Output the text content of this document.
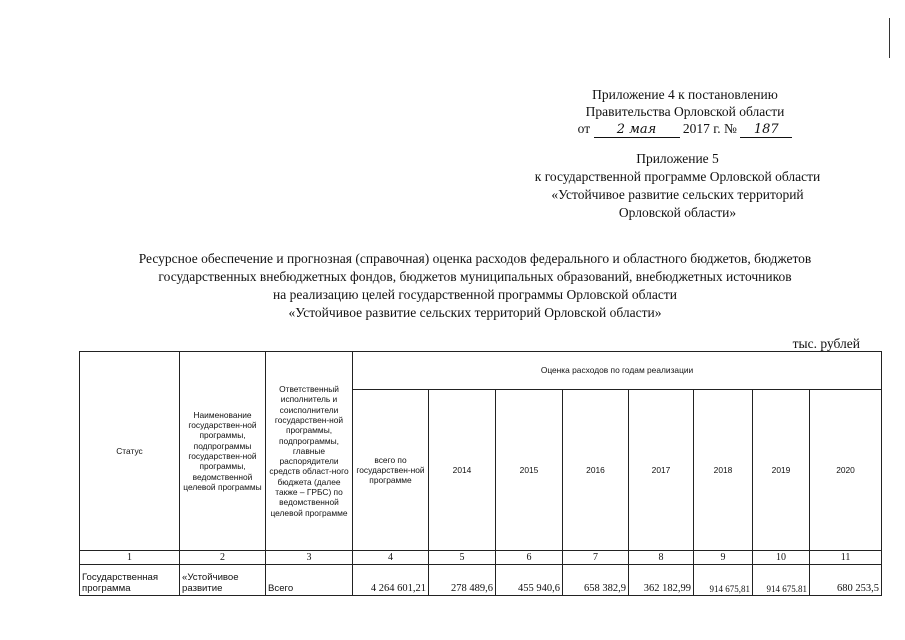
Приложение 4 к постановлению
Правительства Орловской области
от 2 мая 2017 г. № 187
Приложение 5
к государственной программе Орловской области
«Устойчивое развитие сельских территорий
Орловской области»
Ресурсное обеспечение и прогнозная (справочная) оценка расходов федерального и областного бюджетов, бюджетов
государственных внебюджетных фондов, бюджетов муниципальных образований, внебюджетных источников
на реализацию целей государственной программы Орловской области
«Устойчивое развитие сельских территорий Орловской области»
тыс. рублей
Статус	Наименование государствен-ной программы, подпрограммы государствен-ной программы, ведомственной целевой программы	Ответственный исполнитель и соисполнители государствен-ной программы, подпрограммы, главные распорядители средств област-ного бюджета (далее также – ГРБС) по ведомственной целевой программе	Оценка расходов по годам реализации							
			всего по государствен-ной программе	2014	2015	2016	2017	2018	2019	2020
1	2	3	4	5	6	7	8	9	10	11
Государственная программа	«Устойчивое развитие	Всего	4 264 601,21	278 489,6	455 940,6	658 382,9	362 182,99	914 675,81	914 675.81	680 253,5
